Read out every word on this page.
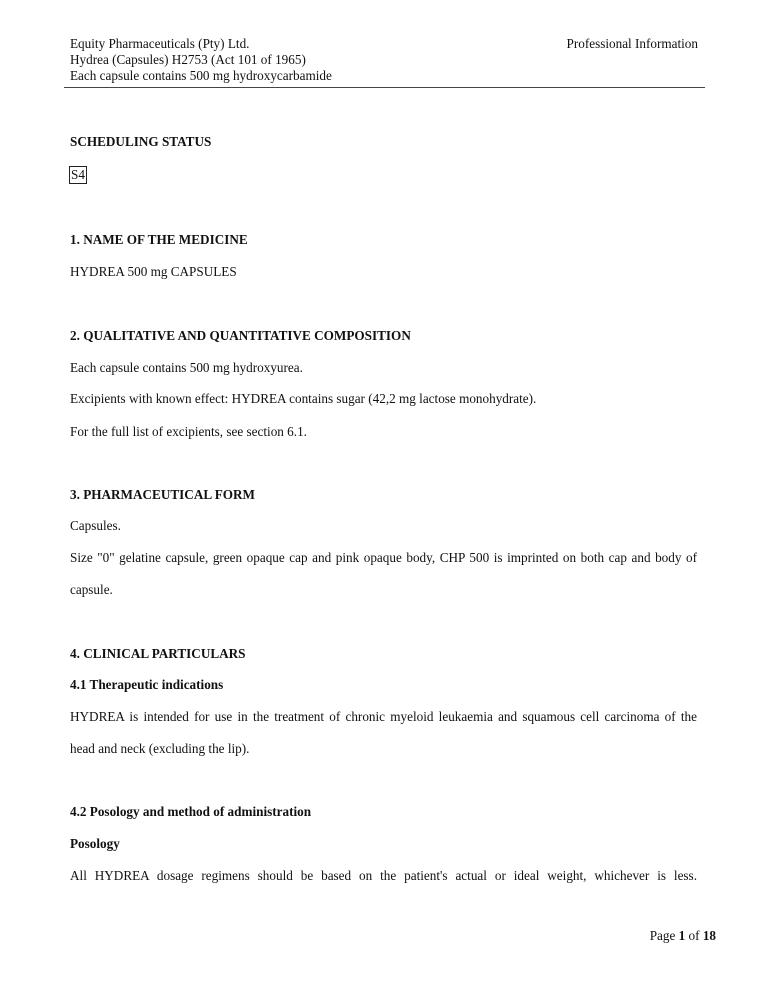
Equity Pharmaceuticals (Pty) Ltd.
Hydrea (Capsules) H2753 (Act 101 of 1965)
Each capsule contains 500 mg hydroxycarbamide
Professional Information
SCHEDULING STATUS
S4
1. NAME OF THE MEDICINE
HYDREA 500 mg CAPSULES
2. QUALITATIVE AND QUANTITATIVE COMPOSITION
Each capsule contains 500 mg hydroxyurea.
Excipients with known effect: HYDREA contains sugar (42,2 mg lactose monohydrate).
For the full list of excipients, see section 6.1.
3. PHARMACEUTICAL FORM
Capsules.
Size "0" gelatine capsule, green opaque cap and pink opaque body, CHP 500 is imprinted on both cap and body of
capsule.
4. CLINICAL PARTICULARS
4.1 Therapeutic indications
HYDREA is intended for use in the treatment of chronic myeloid leukaemia and squamous cell carcinoma of the
head and neck (excluding the lip).
4.2 Posology and method of administration
Posology
All HYDREA dosage regimens should be based on the patient's actual or ideal weight, whichever is less.
Page 1 of 18
